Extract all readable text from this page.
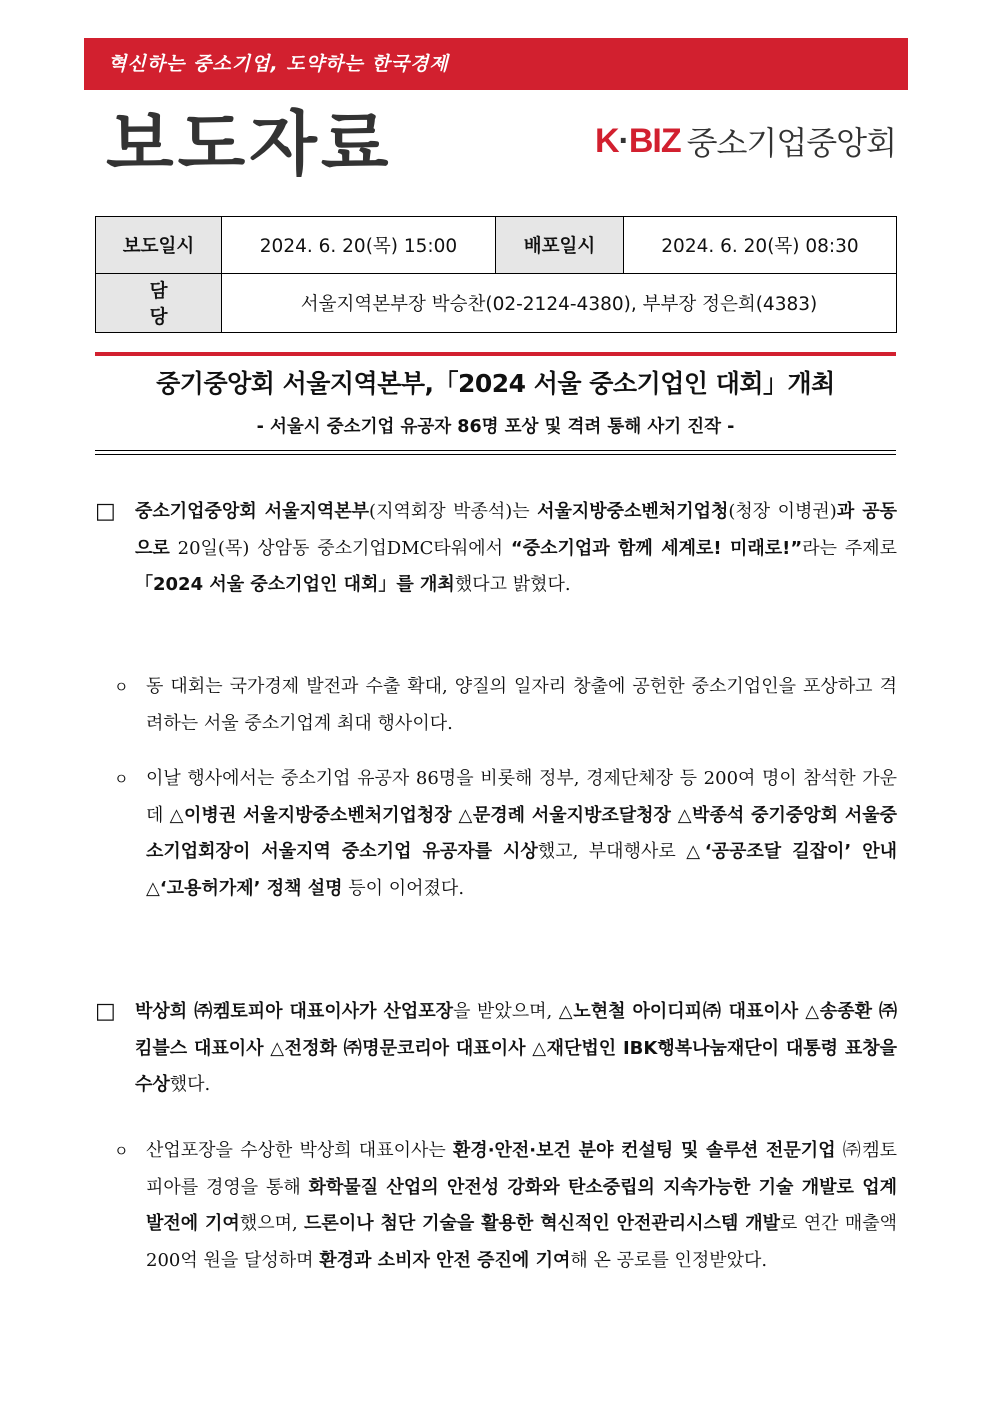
혁신하는 중소기업, 도약하는 한국경제
보도자료	K·BIZ 중소기업중앙회
보도일시	2024. 6. 20(목) 15:00	배포일시	2024. 6. 20(목) 08:30
담당	서울지역본부장 박승찬(02-2124-4380), 부부장 정은희(4383)		
중기중앙회 서울지역본부,「2024 서울 중소기업인 대회」개최
- 서울시 중소기업 유공자 86명 포상 및 격려 통해 사기 진작 -
□ 중소기업중앙회 서울지역본부(지역회장 박종석)는 서울지방중소벤처기업청(청장 이병권)과 공동으로 20일(목) 상암동 중소기업DMC타워에서 “중소기업과 함께 세계로! 미래로!”라는 주제로 「2024 서울 중소기업인 대회」를 개최했다고 밝혔다.
ㅇ 동 대회는 국가경제 발전과 수출 확대, 양질의 일자리 창출에 공헌한 중소기업인을 포상하고 격려하는 서울 중소기업계 최대 행사이다.
ㅇ 이날 행사에서는 중소기업 유공자 86명을 비롯해 정부, 경제단체장 등 200여 명이 참석한 가운데 △이병권 서울지방중소벤처기업청장 △문경례 서울지방조달청장 △박종석 중기중앙회 서울중소기업회장이 서울지역 중소기업 유공자를 시상했고, 부대행사로 △‘공공조달 길잡이’ 안내 △‘고용허가제’ 정책 설명 등이 이어졌다.
□ 박상희 ㈜켐토피아 대표이사가 산업포장을 받았으며, △노현철 아이디피㈜ 대표이사 △송종환 ㈜킴블스 대표이사 △전정화 ㈜명문코리아 대표이사 △재단법인 IBK행복나눔재단이 대통령 표창을 수상했다.
ㅇ 산업포장을 수상한 박상희 대표이사는 환경·안전·보건 분야 컨설팅 및 솔루션 전문기업 ㈜켐토피아를 경영을 통해 화학물질 산업의 안전성 강화와 탄소중립의 지속가능한 기술 개발로 업계 발전에 기여했으며, 드론이나 첨단 기술을 활용한 혁신적인 안전관리시스템 개발로 연간 매출액 200억 원을 달성하며 환경과 소비자 안전 증진에 기여해 온 공로를 인정받았다.
